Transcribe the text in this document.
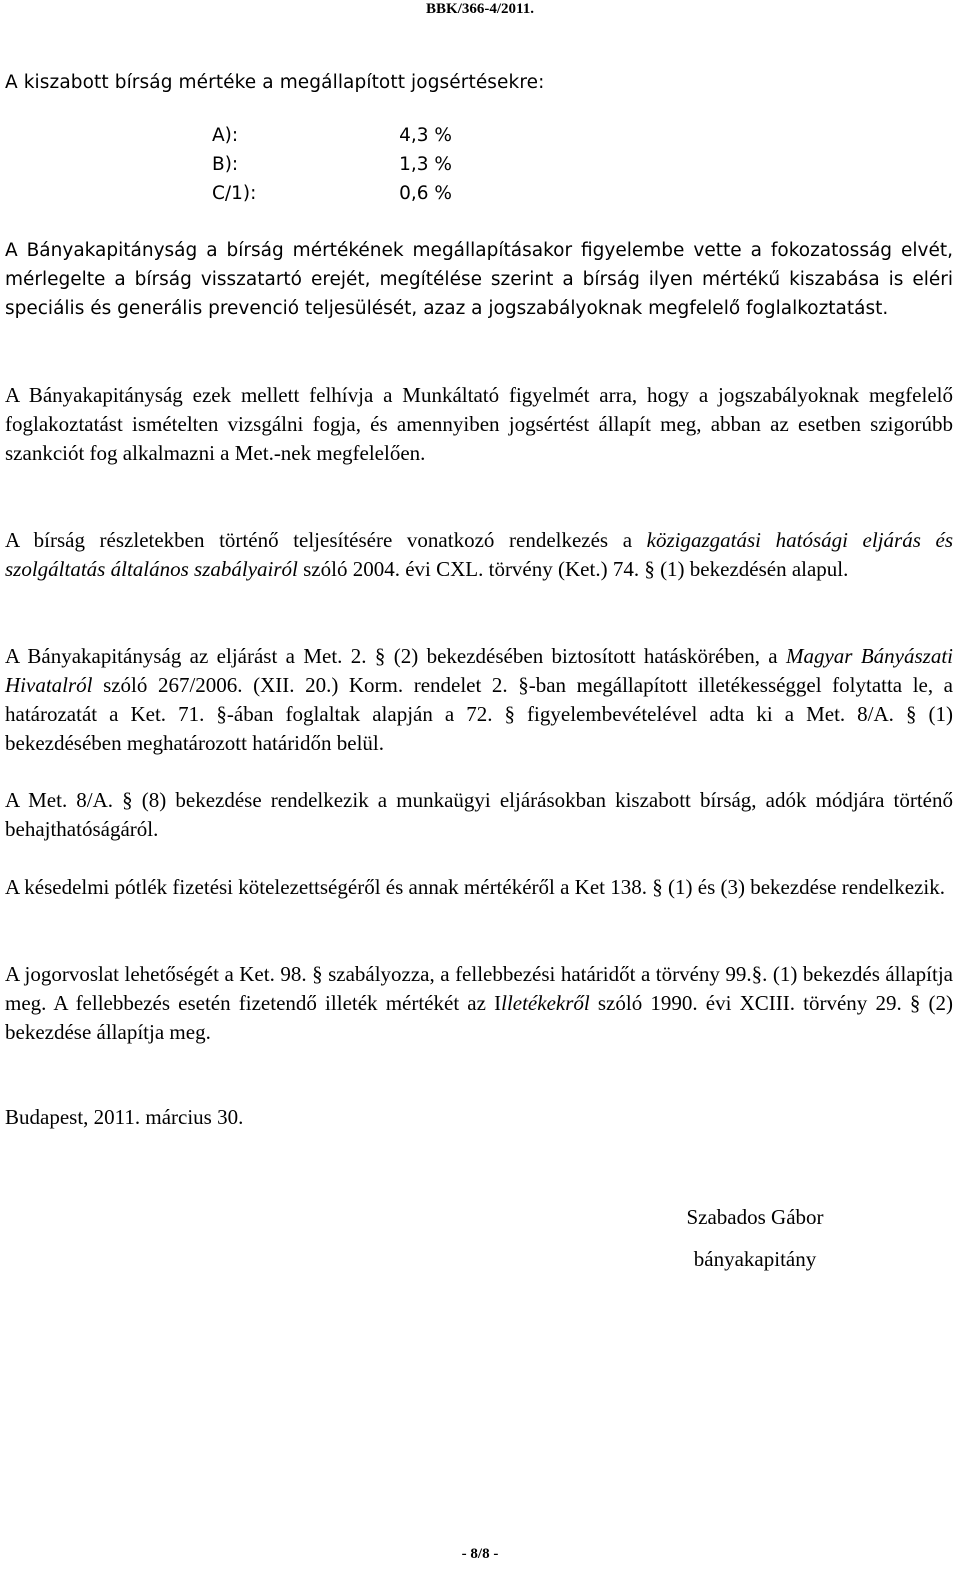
BBK/366-4/2011.

A kiszabott bírság mértéke a megállapított jogsértésekre:

A):	4,3 %
B):	1,3 %
C/1):	0,6 %

A Bányakapitányság a bírság mértékének megállapításakor figyelembe vette a fokozatosság elvét, mérlegelte a bírság visszatartó erejét, megítélése szerint a bírság ilyen mértékű kiszabása is eléri speciális és generális prevenció teljesülését, azaz a jogszabályoknak megfelelő foglalkoztatást.

A Bányakapitányság ezek mellett felhívja a Munkáltató figyelmét arra, hogy a jogszabályoknak megfelelő foglakoztatást ismételten vizsgálni fogja, és amennyiben jogsértést állapít meg, abban az esetben szigorúbb szankciót fog alkalmazni a Met.-nek megfelelően.

A bírság részletekben történő teljesítésére vonatkozó rendelkezés a közigazgatási hatósági eljárás és szolgáltatás általános szabályairól szóló 2004. évi CXL. törvény (Ket.) 74. § (1) bekezdésén alapul.

A Bányakapitányság az eljárást a Met. 2. § (2) bekezdésében biztosított hatáskörében, a Magyar Bányászati Hivatalról szóló 267/2006. (XII. 20.) Korm. rendelet 2. §-ban megállapított illetékességgel folytatta le, a határozatát a Ket. 71. §-ában foglaltak alapján a 72. § figyelembevételével adta ki a Met. 8/A. § (1) bekezdésében meghatározott határidőn belül.

A Met. 8/A. § (8) bekezdése rendelkezik a munkaügyi eljárásokban kiszabott bírság, adók módjára történő behajthatóságáról.

A késedelmi pótlék fizetési kötelezettségéről és annak mértékéről a Ket 138. § (1) és (3) bekezdése rendelkezik.

A jogorvoslat lehetőségét a Ket. 98. § szabályozza, a fellebbezési határidőt a törvény 99.§. (1) bekezdés állapítja meg. A fellebbezés esetén fizetendő illeték mértékét az Illetékekről szóló 1990. évi XCIII. törvény 29. § (2) bekezdése állapítja meg.

Budapest, 2011. március 30.
Szabados Gábor
bányakapitány
- 8/8 -
